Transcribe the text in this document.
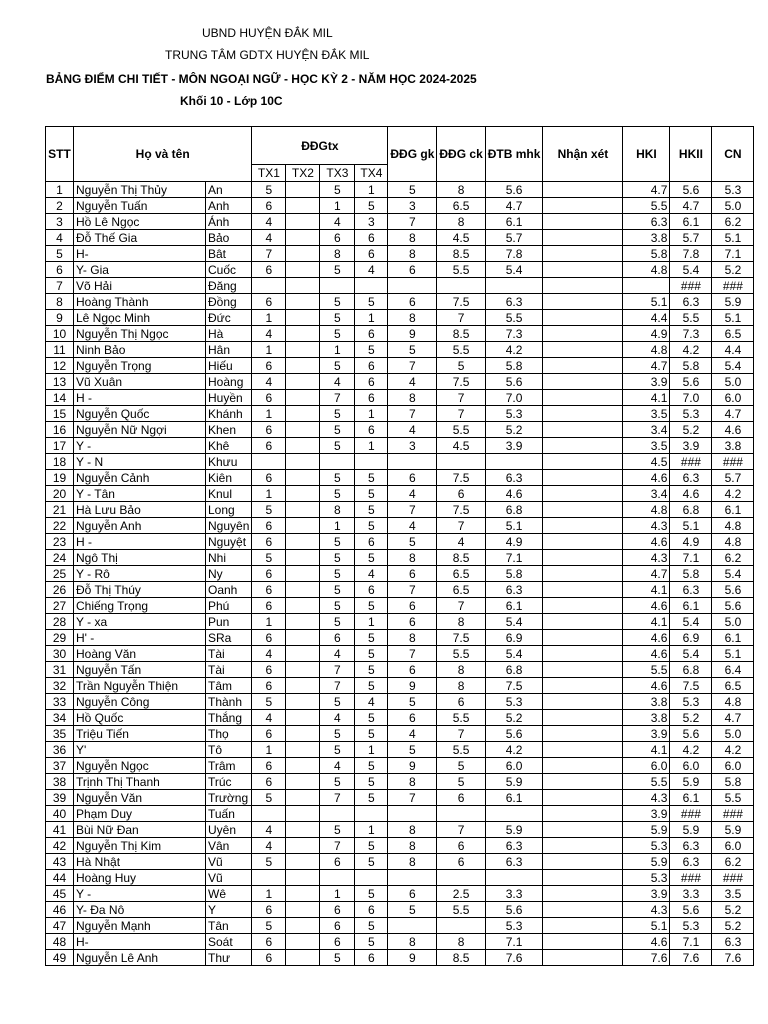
UBND HUYỆN ĐẮK MIL
TRUNG TÂM GDTX HUYỆN ĐẮK MIL
BẢNG ĐIỂM CHI TIẾT - MÔN NGOẠI NGỮ - HỌC KỲ 2 - NĂM HỌC 2024-2025
Khối 10 - Lớp 10C
STT	Họ và tên		ĐĐGtx				ĐĐG gk	ĐĐG ck	ĐTB mhk	Nhận xét	HKI	HKII	CN
			TX1	TX2	TX3	TX4							
1	Nguyễn Thị Thủy	An	5		5	1	5	8	5.6		4.7	5.6	5.3
2	Nguyễn Tuấn	Anh	6		1	5	3	6.5	4.7		5.5	4.7	5.0
3	Hồ Lê Ngọc	Ánh	4		4	3	7	8	6.1		6.3	6.1	6.2
4	Đỗ Thế Gia	Bảo	4		6	6	8	4.5	5.7		3.8	5.7	5.1
5	H-	Bât	7		8	6	8	8.5	7.8		5.8	7.8	7.1
6	Y- Gia	Cuốc	6		5	4	6	5.5	5.4		4.8	5.4	5.2
7	Võ Hải	Đăng										###	###
8	Hoàng Thành	Đồng	6		5	5	6	7.5	6.3		5.1	6.3	5.9
9	Lê Ngọc Minh	Đức	1		5	1	8	7	5.5		4.4	5.5	5.1
10	Nguyễn Thị Ngọc	Hà	4		5	6	9	8.5	7.3		4.9	7.3	6.5
11	Ninh Bảo	Hân	1		1	5	5	5.5	4.2		4.8	4.2	4.4
12	Nguyễn Trọng	Hiếu	6		5	6	7	5	5.8		4.7	5.8	5.4
13	Vũ Xuân	Hoàng	4		4	6	4	7.5	5.6		3.9	5.6	5.0
14	H -	Huyền	6		7	6	8	7	7.0		4.1	7.0	6.0
15	Nguyễn Quốc	Khánh	1		5	1	7	7	5.3		3.5	5.3	4.7
16	Nguyễn Nữ Ngợi	Khen	6		5	6	4	5.5	5.2		3.4	5.2	4.6
17	Y -	Khê	6		5	1	3	4.5	3.9		3.5	3.9	3.8
18	Y - N	Khưu									4.5	###	###
19	Nguyễn Cảnh	Kiên	6		5	5	6	7.5	6.3		4.6	6.3	5.7
20	Y - Tân	Knul	1		5	5	4	6	4.6		3.4	4.6	4.2
21	Hà Lưu Bảo	Long	5		8	5	7	7.5	6.8		4.8	6.8	6.1
22	Nguyễn Anh	Nguyên	6		1	5	4	7	5.1		4.3	5.1	4.8
23	H -	Nguyệt	6		5	6	5	4	4.9		4.6	4.9	4.8
24	Ngô Thị	Nhi	5		5	5	8	8.5	7.1		4.3	7.1	6.2
25	Y - Rô	Ny	6		5	4	6	6.5	5.8		4.7	5.8	5.4
26	Đỗ Thị Thúy	Oanh	6		5	6	7	6.5	6.3		4.1	6.3	5.6
27	Chiếng Trọng	Phú	6		5	5	6	7	6.1		4.6	6.1	5.6
28	Y - xa	Pun	1		5	1	6	8	5.4		4.1	5.4	5.0
29	H' -	SRa	6		6	5	8	7.5	6.9		4.6	6.9	6.1
30	Hoàng Văn	Tài	4		4	5	7	5.5	5.4		4.6	5.4	5.1
31	Nguyễn Tấn	Tài	6		7	5	6	8	6.8		5.5	6.8	6.4
32	Trần Nguyễn Thiện	Tâm	6		7	5	9	8	7.5		4.6	7.5	6.5
33	Nguyễn Công	Thành	5		5	4	5	6	5.3		3.8	5.3	4.8
34	Hồ Quốc	Thắng	4		4	5	6	5.5	5.2		3.8	5.2	4.7
35	Triệu Tiến	Thọ	6		5	5	4	7	5.6		3.9	5.6	5.0
36	Y'	Tô	1		5	1	5	5.5	4.2		4.1	4.2	4.2
37	Nguyễn Ngọc	Trâm	6		4	5	9	5	6.0		6.0	6.0	6.0
38	Trịnh Thị Thanh	Trúc	6		5	5	8	5	5.9		5.5	5.9	5.8
39	Nguyễn Văn	Trường	5		7	5	7	6	6.1		4.3	6.1	5.5
40	Phạm Duy	Tuấn									3.9	###	###
41	Bùi Nữ Đan	Uyên	4		5	1	8	7	5.9		5.9	5.9	5.9
42	Nguyễn Thị Kim	Vân	4		7	5	8	6	6.3		5.3	6.3	6.0
43	Hà Nhật	Vũ	5		6	5	8	6	6.3		5.9	6.3	6.2
44	Hoàng Huy	Vũ									5.3	###	###
45	Y -	Wê	1		1	5	6	2.5	3.3		3.9	3.3	3.5
46	Y- Đa Nô	Y	6		6	6	5	5.5	5.6		4.3	5.6	5.2
47	Nguyễn Mạnh	Tân	5		6	5			5.3		5.1	5.3	5.2
48	H-	Soát	6		6	5	8	8	7.1		4.6	7.1	6.3
49	Nguyễn Lê Anh	Thư	6		5	6	9	8.5	7.6		7.6	7.6	7.6
